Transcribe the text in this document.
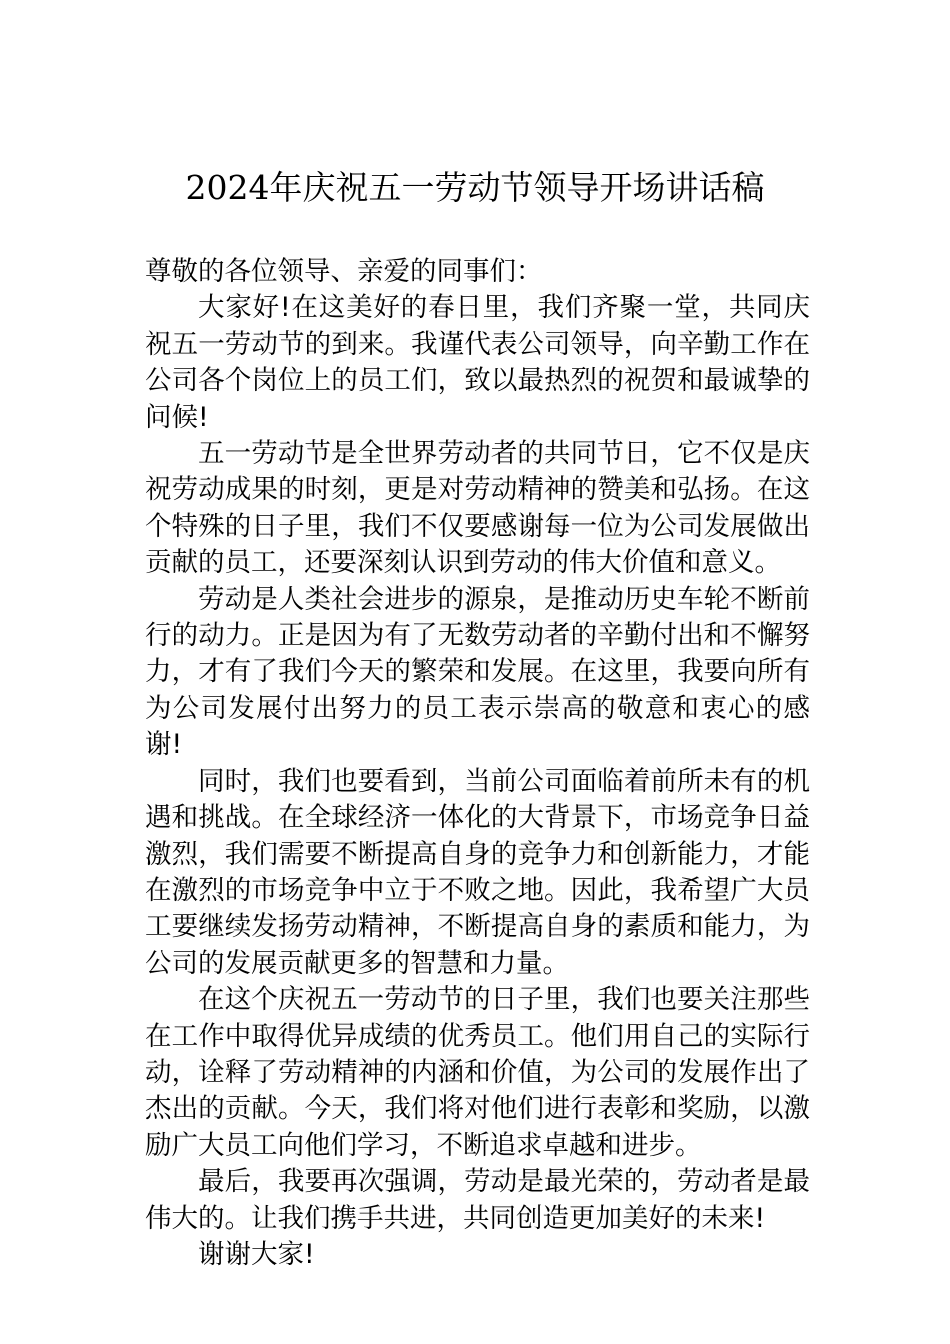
2024年庆祝五一劳动节领导开场讲话稿

尊敬的各位领导、亲爱的同事们：

大家好!在这美好的春日里，我们齐聚一堂，共同庆祝五一劳动节的到来。我谨代表公司领导，向辛勤工作在公司各个岗位上的员工们，致以最热烈的祝贺和最诚挚的问候!

五一劳动节是全世界劳动者的共同节日，它不仅是庆祝劳动成果的时刻，更是对劳动精神的赞美和弘扬。在这个特殊的日子里，我们不仅要感谢每一位为公司发展做出贡献的员工，还要深刻认识到劳动的伟大价值和意义。

劳动是人类社会进步的源泉，是推动历史车轮不断前行的动力。正是因为有了无数劳动者的辛勤付出和不懈努力，才有了我们今天的繁荣和发展。在这里，我要向所有为公司发展付出努力的员工表示崇高的敬意和衷心的感谢!

同时，我们也要看到，当前公司面临着前所未有的机遇和挑战。在全球经济一体化的大背景下，市场竞争日益激烈，我们需要不断提高自身的竞争力和创新能力，才能在激烈的市场竞争中立于不败之地。因此，我希望广大员工要继续发扬劳动精神，不断提高自身的素质和能力，为公司的发展贡献更多的智慧和力量。

在这个庆祝五一劳动节的日子里，我们也要关注那些在工作中取得优异成绩的优秀员工。他们用自己的实际行动，诠释了劳动精神的内涵和价值，为公司的发展作出了杰出的贡献。今天，我们将对他们进行表彰和奖励，以激励广大员工向他们学习，不断追求卓越和进步。

最后，我要再次强调，劳动是最光荣的，劳动者是最伟大的。让我们携手共进，共同创造更加美好的未来!

谢谢大家!
